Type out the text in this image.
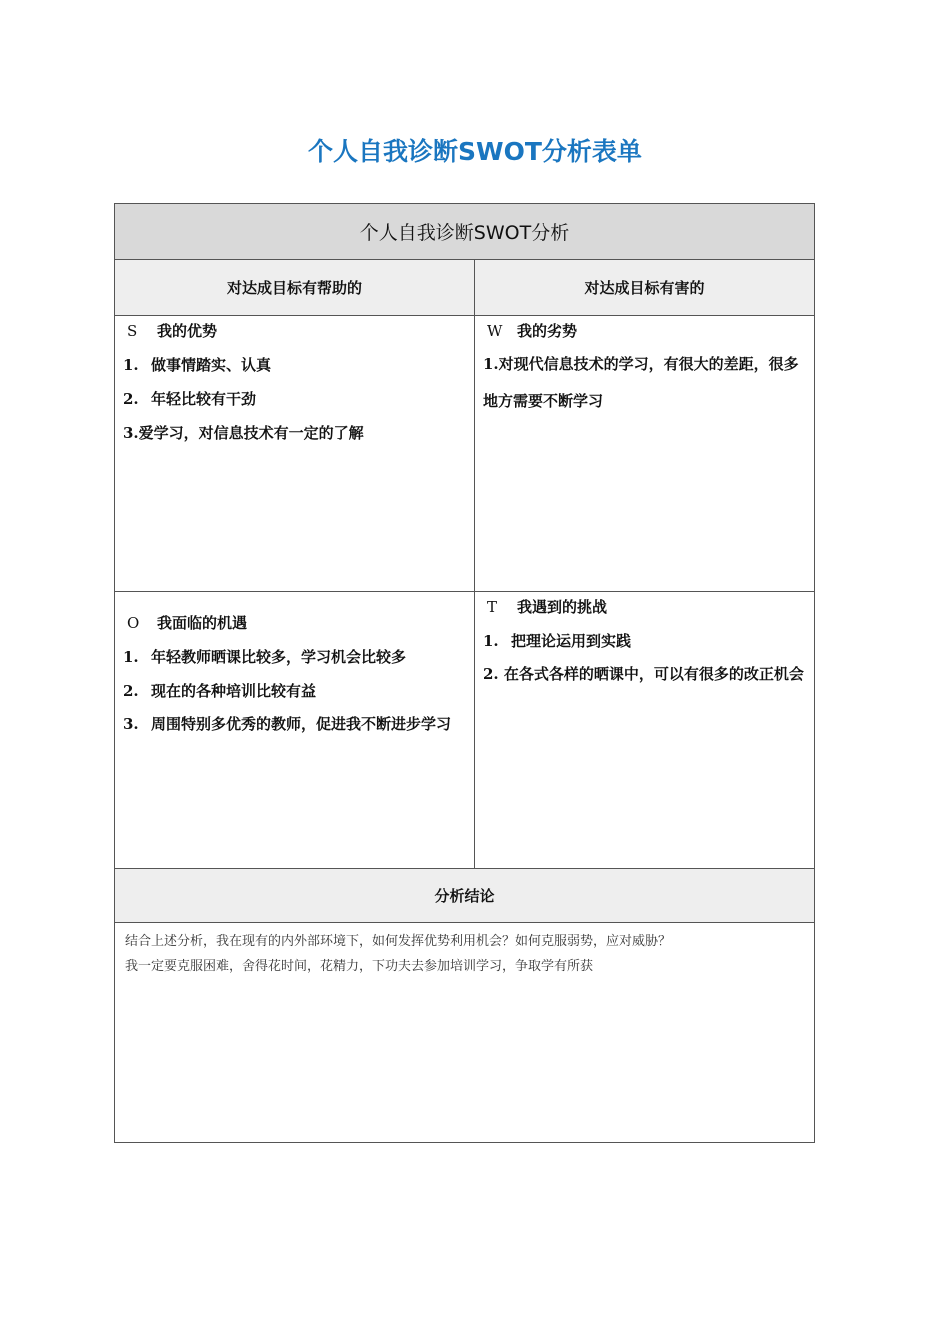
个人自我诊断SWOT分析表单
个人自我诊断SWOT分析
对达成目标有帮助的	对达成目标有害的
S 我的优势
1. 做事情踏实、认真
2. 年轻比较有干劲
3.爱学习，对信息技术有一定的了解
W 我的劣势
1.对现代信息技术的学习，有很大的差距，很多地方需要不断学习
O 我面临的机遇
1. 年轻教师晒课比较多，学习机会比较多
2. 现在的各种培训比较有益
3. 周围特别多优秀的教师，促进我不断进步学习
T 我遇到的挑战
1. 把理论运用到实践
2. 在各式各样的晒课中，可以有很多的改正机会
分析结论
结合上述分析，我在现有的内外部环境下，如何发挥优势利用机会？如何克服弱势，应对威胁？
我一定要克服困难，舍得花时间，花精力，下功夫去参加培训学习，争取学有所获
